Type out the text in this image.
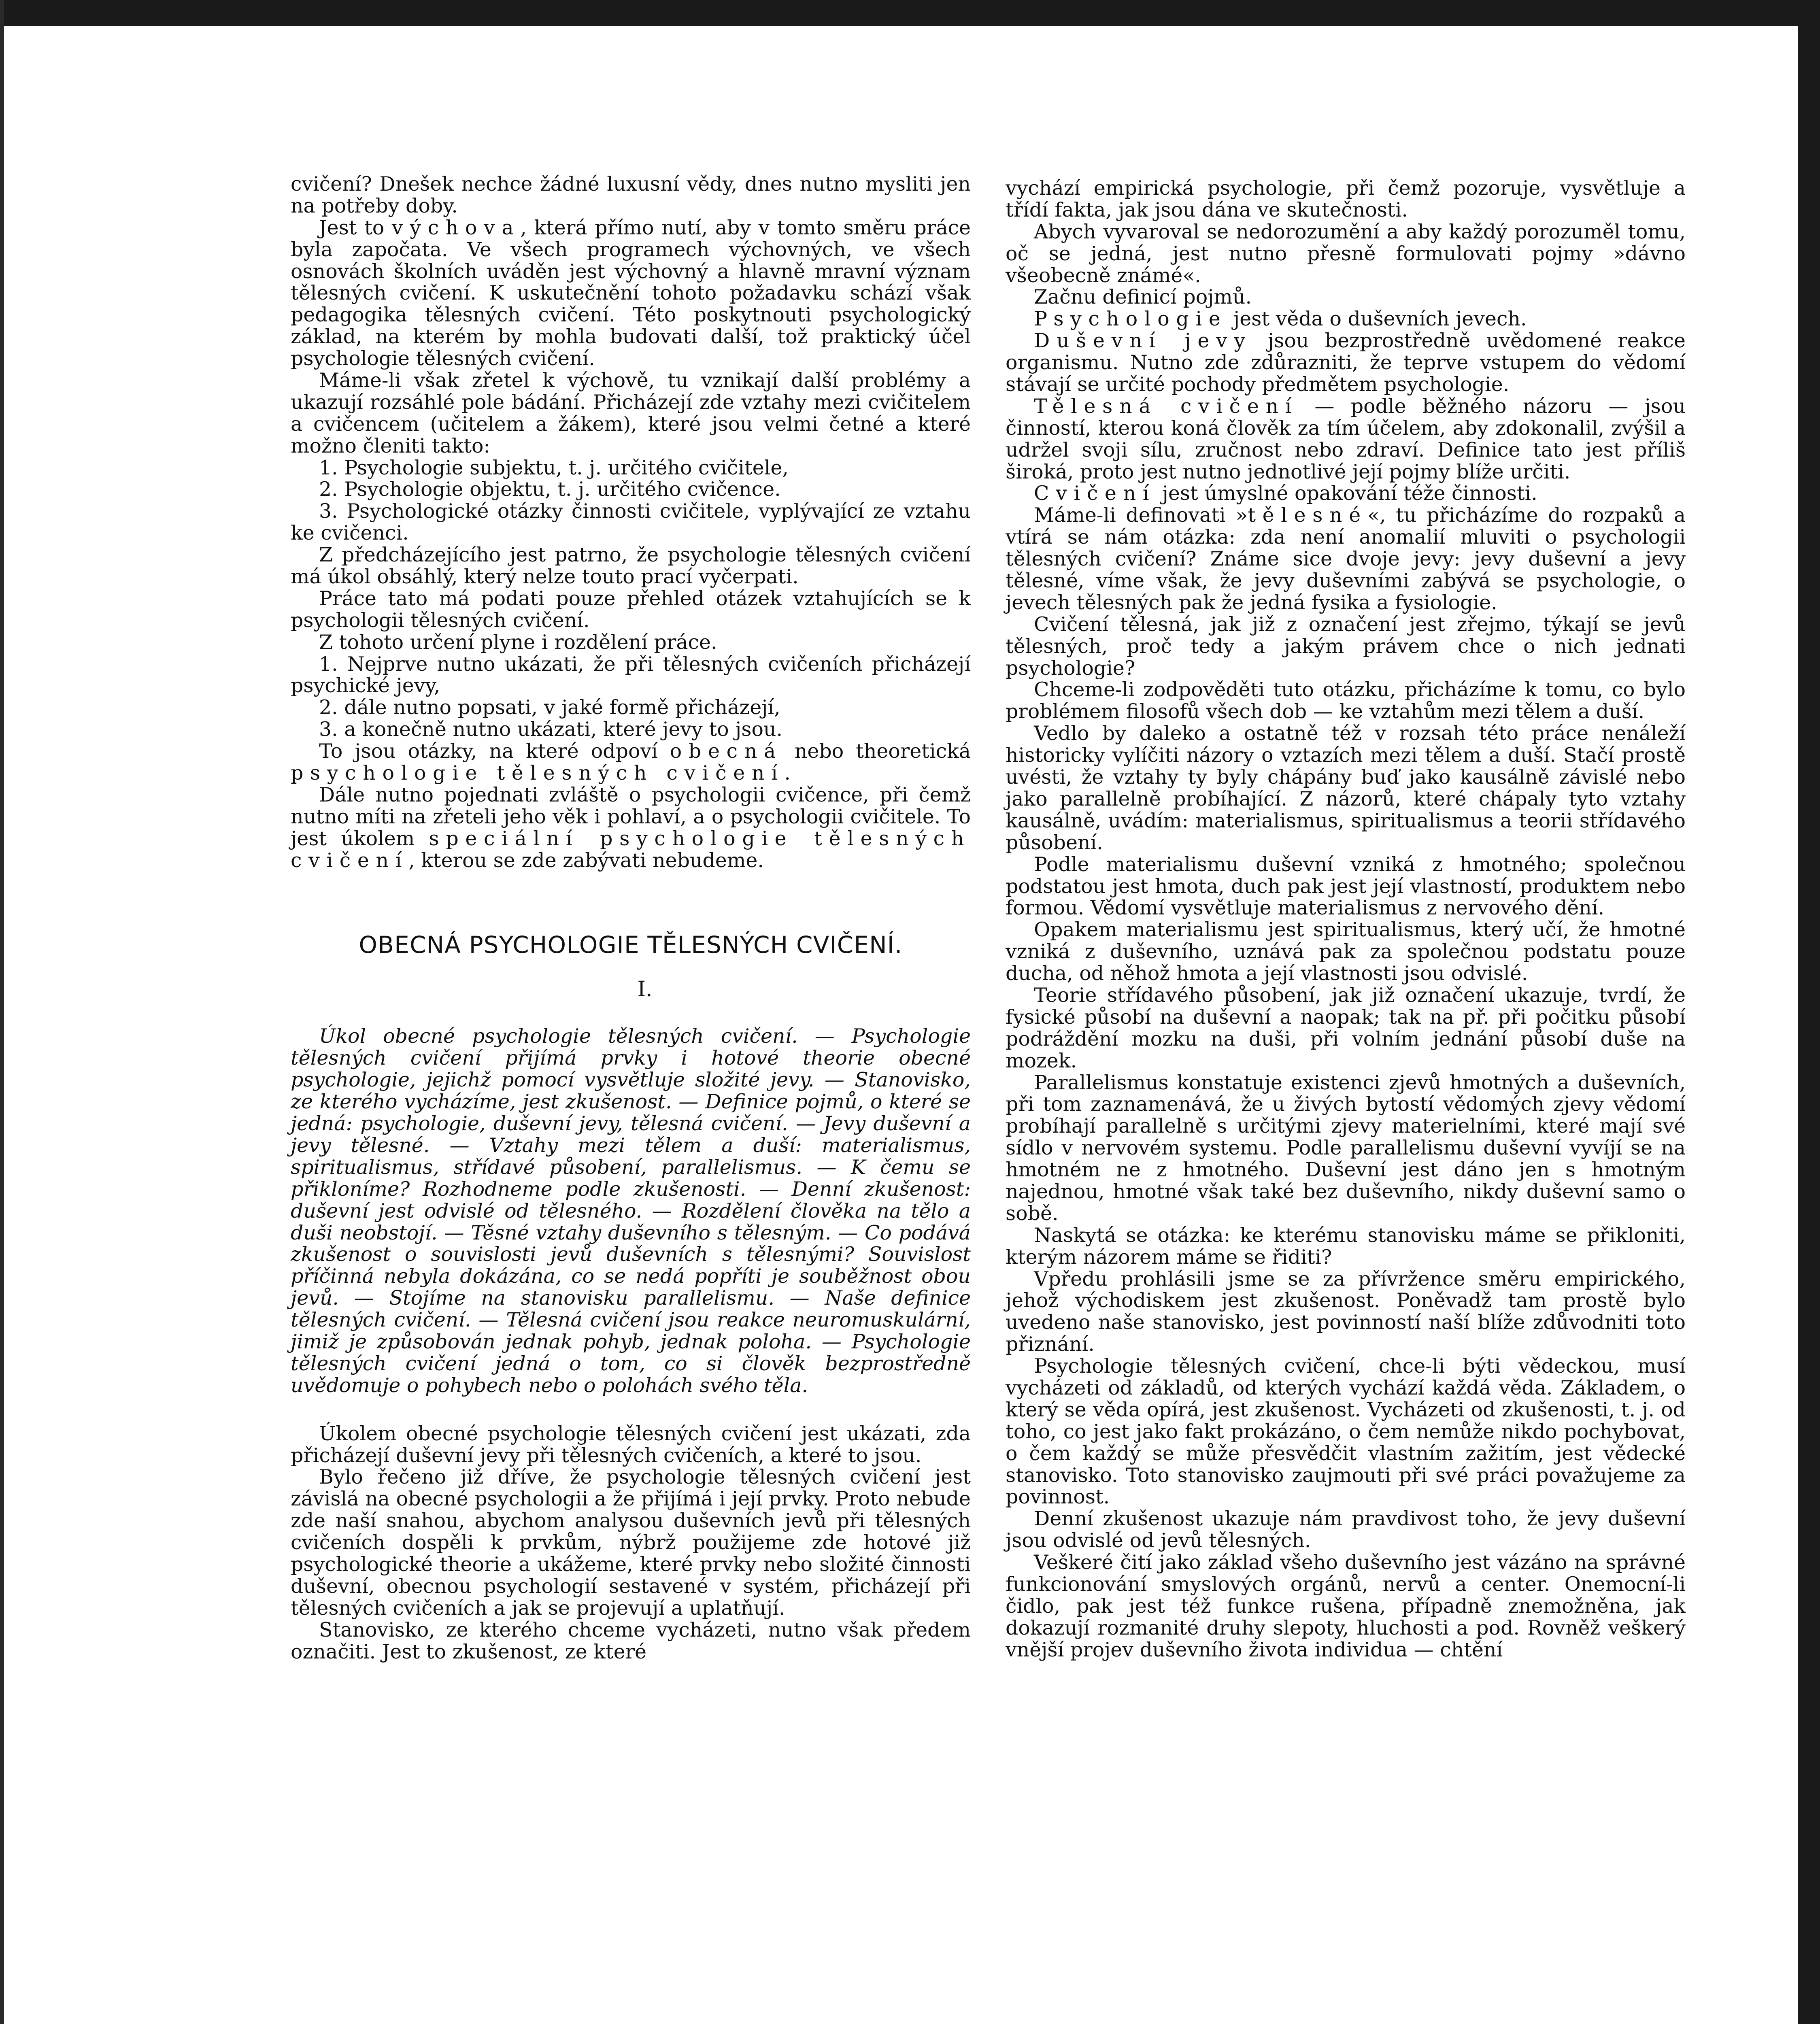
cvičení? Dnešek nechce žádné luxusní vědy, dnes nutno mysliti jen na potřeby doby.

Jest to výchova, která přímo nutí, aby v tomto směru práce byla započata. Ve všech programech výchovných, ve všech osnovách školních uváděn jest výchovný a hlavně mravní význam tělesných cvičení. K uskutečnění tohoto požadavku schází však pedagogika tělesných cvičení. Této poskytnouti psychologický základ, na kterém by mohla budovati další, tož praktický účel psychologie tělesných cvičení.

Máme-li však zřetel k výchově, tu vznikají další problémy a ukazují rozsáhlé pole bádání. Přicházejí zde vztahy mezi cvičitelem a cvičencem (učitelem a žákem), které jsou velmi četné a které možno členiti takto:

1. Psychologie subjektu, t. j. určitého cvičitele,

2. Psychologie objektu, t. j. určitého cvičence.

3. Psychologické otázky činnosti cvičitele, vyplývající ze vztahu ke cvičenci.

Z předcházejícího jest patrno, že psychologie tělesných cvičení má úkol obsáhlý, který nelze touto prací vyčerpati.

Práce tato má podati pouze přehled otázek vztahujících se k psychologii tělesných cvičení.

Z tohoto určení plyne i rozdělení práce.

1. Nejprve nutno ukázati, že při tělesných cvičeních přicházejí psychické jevy,

2. dále nutno popsati, v jaké formě přicházejí,

3. a konečně nutno ukázati, které jevy to jsou.

To jsou otázky, na které odpoví obecná nebo theoretická psychologie tělesných cvičení.

Dále nutno pojednati zvláště o psychologii cvičence, při čemž nutno míti na zřeteli jeho věk i pohlaví, a o psychologii cvičitele. To jest úkolem speciální psychologie tělesných cvičení, kterou se zde zabývati nebudeme.

OBECNÁ PSYCHOLOGIE TĚLESNÝCH CVIČENÍ.

I.

Úkol obecné psychologie tělesných cvičení. — Psychologie tělesných cvičení přijímá prvky i hotové theorie obecné psychologie, jejichž pomocí vysvětluje složité jevy. — Stanovisko, ze kterého vycházíme, jest zkušenost. — Definice pojmů, o které se jedná: psychologie, duševní jevy, tělesná cvičení. — Jevy duševní a jevy tělesné. — Vztahy mezi tělem a duší: materialismus, spiritualismus, střídavé působení, parallelismus. — K čemu se přikloníme? Rozhodneme podle zkušenosti. — Denní zkušenost: duševní jest odvislé od tělesného. — Rozdělení člověka na tělo a duši neobstojí. — Těsné vztahy duševního s tělesným. — Co podává zkušenost o souvislosti jevů duševních s tělesnými? Souvislost příčinná nebyla dokázána, co se nedá popříti je souběžnost obou jevů. — Stojíme na stanovisku parallelismu. — Naše definice tělesných cvičení. — Tělesná cvičení jsou reakce neuromuskulární, jimiž je způsobován jednak pohyb, jednak poloha. — Psychologie tělesných cvičení jedná o tom, co si člověk bezprostředně uvědomuje o pohybech nebo o polohách svého těla.

Úkolem obecné psychologie tělesných cvičení jest ukázati, zda přicházejí duševní jevy při tělesných cvičeních, a které to jsou.

Bylo řečeno již dříve, že psychologie tělesných cvičení jest závislá na obecné psychologii a že přijímá i její prvky. Proto nebude zde naší snahou, abychom analysou duševních jevů při tělesných cvičeních dospěli k prvkům, nýbrž použijeme zde hotové již psychologické theorie a ukážeme, které prvky nebo složité činnosti duševní, obecnou psychologií sestavené v systém, přicházejí při tělesných cvičeních a jak se projevují a uplatňují.

Stanovisko, ze kterého chceme vycházeti, nutno však předem označiti. Jest to zkušenost, ze které

vychází empirická psychologie, při čemž pozoruje, vysvětluje a třídí fakta, jak jsou dána ve skutečnosti.

Abych vyvaroval se nedorozumění a aby každý porozuměl tomu, oč se jedná, jest nutno přesně formulovati pojmy »dávno všeobecně známé«.

Začnu definicí pojmů.

Psychologie jest věda o duševních jevech.

Duševní jevy jsou bezprostředně uvědomené reakce organismu. Nutno zde zdůrazniti, že teprve vstupem do vědomí stávají se určité pochody předmětem psychologie.

Tělesná cvičení — podle běžného názoru — jsou činností, kterou koná člověk za tím účelem, aby zdokonalil, zvýšil a udržel svoji sílu, zručnost nebo zdraví. Definice tato jest příliš široká, proto jest nutno jednotlivé její pojmy blíže určiti.

Cvičení jest úmyslné opakování téže činnosti.

Máme-li definovati »tělesné«, tu přicházíme do rozpaků a vtírá se nám otázka: zda není anomalií mluviti o psychologii tělesných cvičení? Známe sice dvoje jevy: jevy duševní a jevy tělesné, víme však, že jevy duševními zabývá se psychologie, o jevech tělesných pak že jedná fysika a fysiologie.

Cvičení tělesná, jak již z označení jest zřejmo, týkají se jevů tělesných, proč tedy a jakým právem chce o nich jednati psychologie?

Chceme-li zodpověděti tuto otázku, přicházíme k tomu, co bylo problémem filosofů všech dob — ke vztahům mezi tělem a duší.

Vedlo by daleko a ostatně též v rozsah této práce nenáleží historicky vylíčiti názory o vztazích mezi tělem a duší. Stačí prostě uvésti, že vztahy ty byly chápány buď jako kausálně závislé nebo jako parallelně probíhající. Z názorů, které chápaly tyto vztahy kausálně, uvádím: materialismus, spiritualismus a teorii střídavého působení.

Podle materialismu duševní vzniká z hmotného; společnou podstatou jest hmota, duch pak jest její vlastností, produktem nebo formou. Vědomí vysvětluje materialismus z nervového dění.

Opakem materialismu jest spiritualismus, který učí, že hmotné vzniká z duševního, uznává pak za společnou podstatu pouze ducha, od něhož hmota a její vlastnosti jsou odvislé.

Teorie střídavého působení, jak již označení ukazuje, tvrdí, že fysické působí na duševní a naopak; tak na př. při počitku působí podráždění mozku na duši, při volním jednání působí duše na mozek.

Parallelismus konstatuje existenci zjevů hmotných a duševních, při tom zaznamenává, že u živých bytostí vědomých zjevy vědomí probíhají parallelně s určitými zjevy materielními, které mají své sídlo v nervovém systemu. Podle parallelismu duševní vyvíjí se na hmotném ne z hmotného. Duševní jest dáno jen s hmotným najednou, hmotné však také bez duševního, nikdy duševní samo o sobě.

Naskytá se otázka: ke kterému stanovisku máme se přikloniti, kterým názorem máme se řiditi?

Vpředu prohlásili jsme se za přívržence směru empirického, jehož východiskem jest zkušenost. Poněvadž tam prostě bylo uvedeno naše stanovisko, jest povinností naší blíže zdůvodniti toto přiznání.

Psychologie tělesných cvičení, chce-li býti vědeckou, musí vycházeti od základů, od kterých vychází každá věda. Základem, o který se věda opírá, jest zkušenost. Vycházeti od zkušenosti, t. j. od toho, co jest jako fakt prokázáno, o čem nemůže nikdo pochybovat, o čem každý se může přesvědčit vlastním zažitím, jest vědecké stanovisko. Toto stanovisko zaujmouti při své práci považujeme za povinnost.

Denní zkušenost ukazuje nám pravdivost toho, že jevy duševní jsou odvislé od jevů tělesných.

Veškeré čití jako základ všeho duševního jest vázáno na správné funkcionování smyslových orgánů, nervů a center. Onemocní-li čidlo, pak jest též funkce rušena, případně znemožněna, jak dokazují rozmanité druhy slepoty, hluchosti a pod. Rovněž veškerý vnější projev duševního života individua — chtění
